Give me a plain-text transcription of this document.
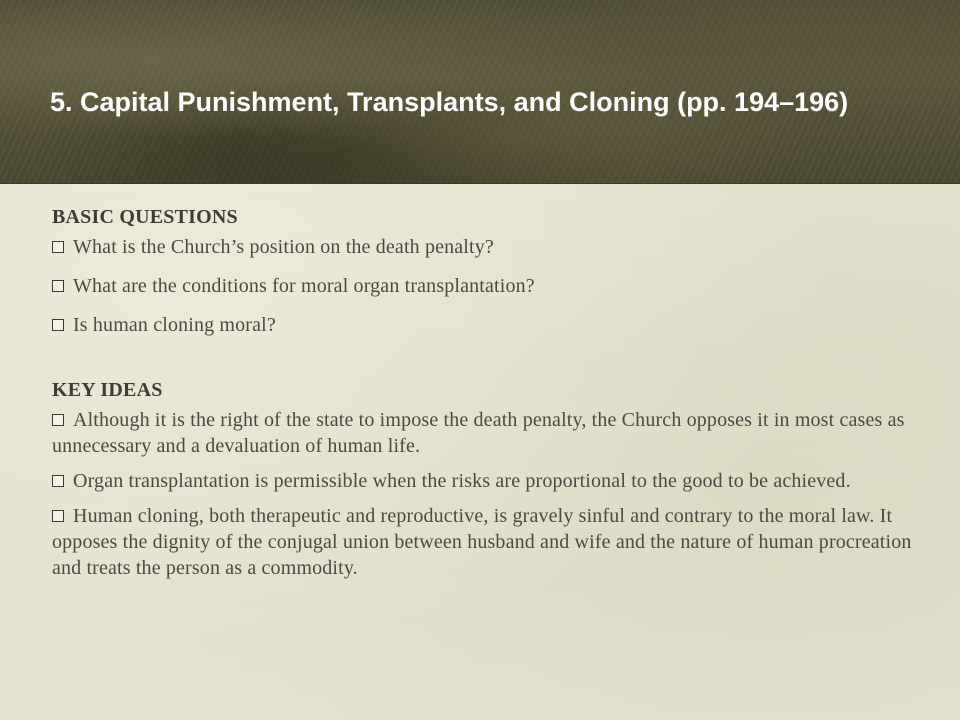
5. Capital Punishment, Transplants, and Cloning (pp. 194–196)
BASIC QUESTIONS
What is the Church’s position on the death penalty?
What are the conditions for moral organ transplantation?
Is human cloning moral?
KEY IDEAS
Although it is the right of the state to impose the death penalty, the Church opposes it in most cases as unnecessary and a devaluation of human life.
Organ transplantation is permissible when the risks are proportional to the good to be achieved.
Human cloning, both therapeutic and reproductive, is gravely sinful and contrary to the moral law. It opposes the dignity of the conjugal union between husband and wife and the nature of human procreation and treats the person as a commodity.
